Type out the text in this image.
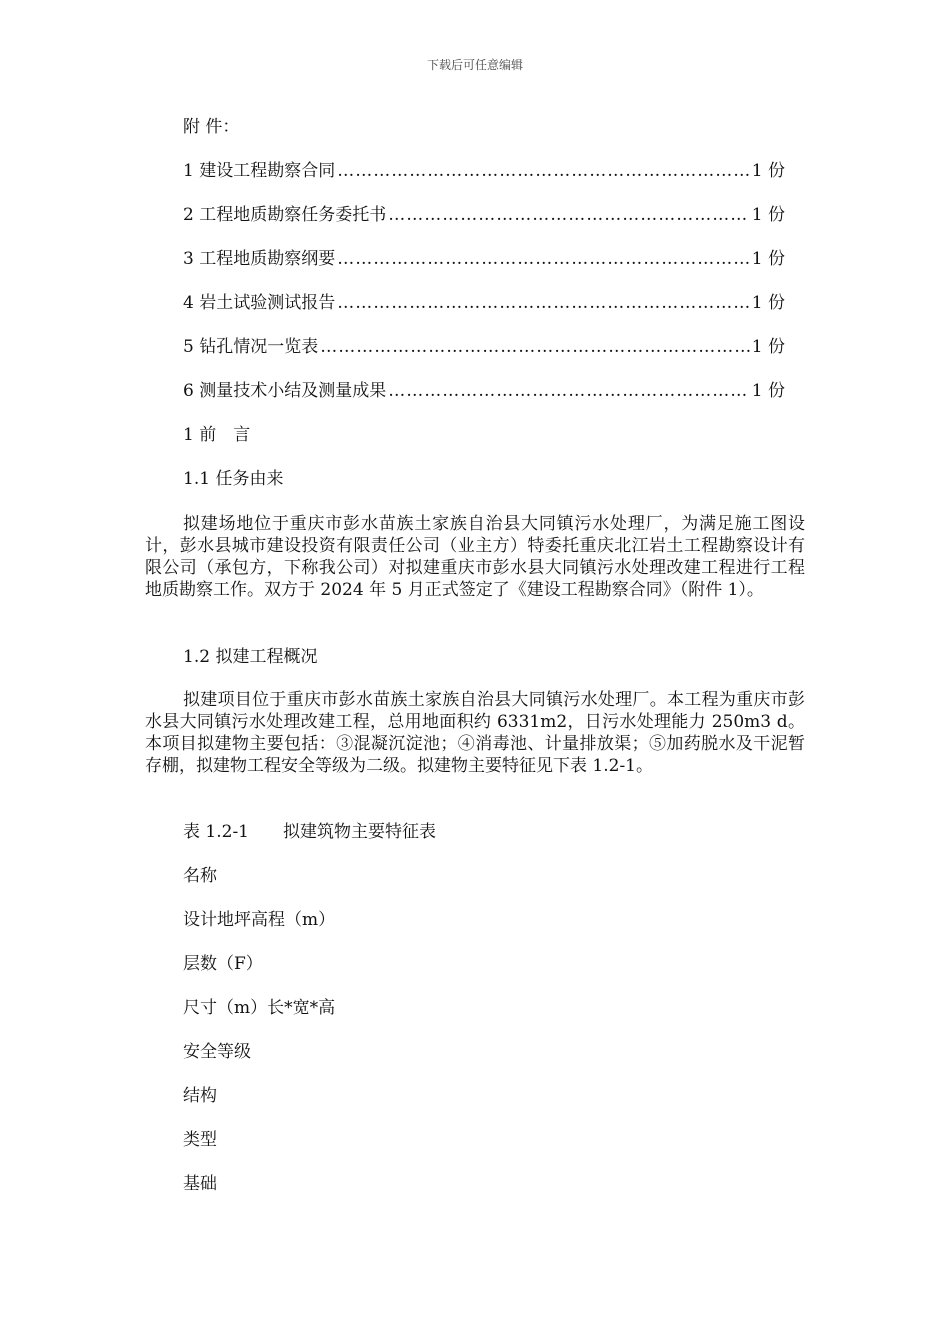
下载后可任意编辑
附 件：
1 建设工程勘察合同 ……………………………………………………………………………………………………………………………………………………………………………………………………………………………	1 份
2 工程地质勘察任务委托书 ……………………………………………………………………………………………………………………………………………………………………………………………………………………………	1 份
3 工程地质勘察纲要 ……………………………………………………………………………………………………………………………………………………………………………………………………………………………	1 份
4 岩土试验测试报告 ……………………………………………………………………………………………………………………………………………………………………………………………………………………………	1 份
5 钻孔情况一览表 ……………………………………………………………………………………………………………………………………………………………………………………………………………………………	1 份
6 测量技术小结及测量成果 ……………………………………………………………………………………………………………………………………………………………………………………………………………………………	1 份
1 前　言
1.1 任务由来
拟建场地位于重庆市彭水苗族土家族自治县大同镇污水处理厂，为满足施工图设计，彭水县城市建设投资有限责任公司（业主方）特委托重庆北江岩土工程勘察设计有限公司（承包方，下称我公司）对拟建重庆市彭水县大同镇污水处理改建工程进行工程地质勘察工作。双方于 2024 年 5 月正式签定了《建设工程勘察合同》（附件 1）。
1.2 拟建工程概况
拟建项目位于重庆市彭水苗族土家族自治县大同镇污水处理厂。本工程为重庆市彭水县大同镇污水处理改建工程，总用地面积约 6331m2，日污水处理能力 250m3 d。本项目拟建物主要包括：③混凝沉淀池；④消毒池、计量排放渠；⑤加药脱水及干泥暂存棚，拟建物工程安全等级为二级。拟建物主要特征见下表 1.2-1。
表 1.2-1　　拟建筑物主要特征表
名称
设计地坪高程（m）
层数（F）
尺寸（m）长*宽*高
安全等级
结构
类型
基础
